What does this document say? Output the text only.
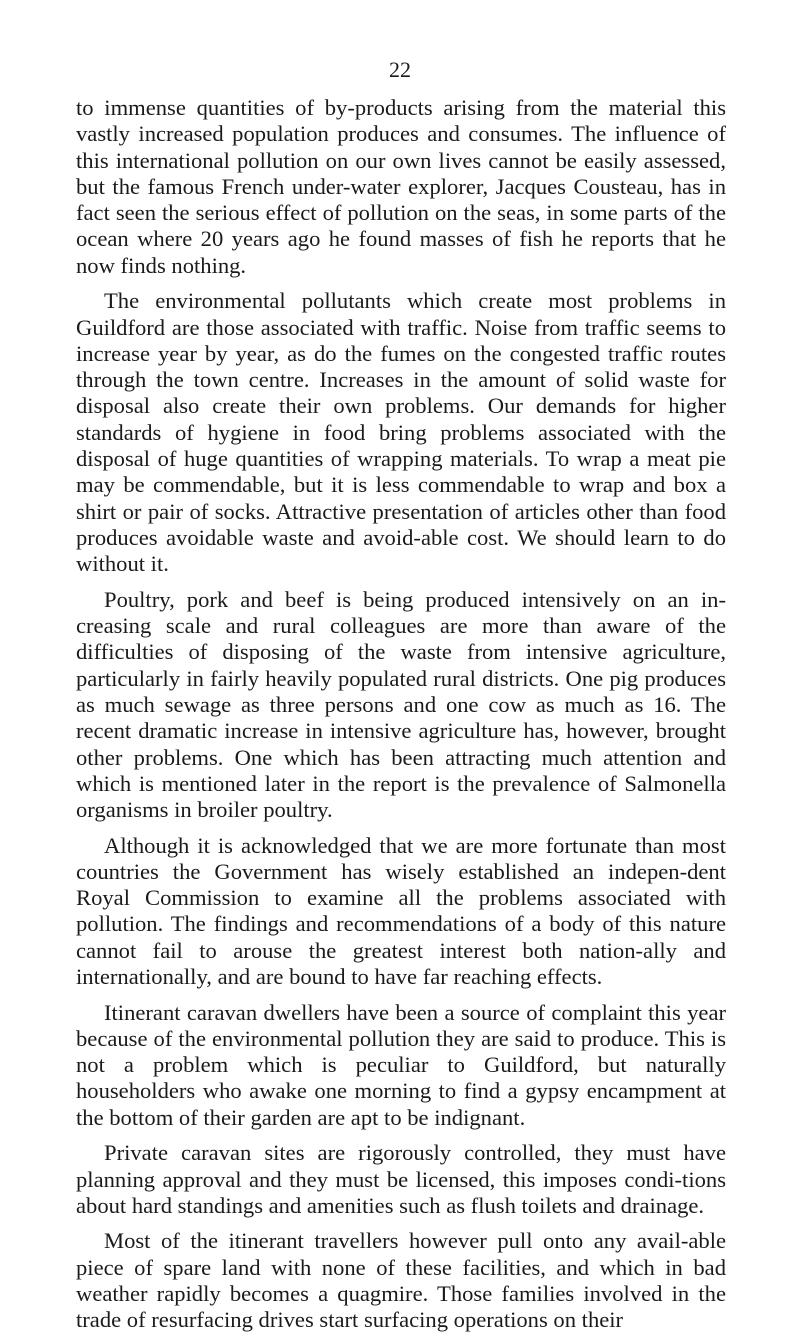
22

to immense quantities of by-products arising from the material this vastly increased population produces and consumes. The influence of this international pollution on our own lives cannot be easily assessed, but the famous French under-water explorer, Jacques Cousteau, has in fact seen the serious effect of pollution on the seas, in some parts of the ocean where 20 years ago he found masses of fish he reports that he now finds nothing.

The environmental pollutants which create most problems in Guildford are those associated with traffic. Noise from traffic seems to increase year by year, as do the fumes on the congested traffic routes through the town centre. Increases in the amount of solid waste for disposal also create their own problems. Our demands for higher standards of hygiene in food bring problems associated with the disposal of huge quantities of wrapping materials. To wrap a meat pie may be commendable, but it is less commendable to wrap and box a shirt or pair of socks. Attractive presentation of articles other than food produces avoidable waste and avoid-able cost. We should learn to do without it.

Poultry, pork and beef is being produced intensively on an in-creasing scale and rural colleagues are more than aware of the difficulties of disposing of the waste from intensive agriculture, particularly in fairly heavily populated rural districts. One pig produces as much sewage as three persons and one cow as much as 16. The recent dramatic increase in intensive agriculture has, however, brought other problems. One which has been attracting much attention and which is mentioned later in the report is the prevalence of Salmonella organisms in broiler poultry.

Although it is acknowledged that we are more fortunate than most countries the Government has wisely established an indepen-dent Royal Commission to examine all the problems associated with pollution. The findings and recommendations of a body of this nature cannot fail to arouse the greatest interest both nation-ally and internationally, and are bound to have far reaching effects.

Itinerant caravan dwellers have been a source of complaint this year because of the environmental pollution they are said to produce. This is not a problem which is peculiar to Guildford, but naturally householders who awake one morning to find a gypsy encampment at the bottom of their garden are apt to be indignant.

Private caravan sites are rigorously controlled, they must have planning approval and they must be licensed, this imposes condi-tions about hard standings and amenities such as flush toilets and drainage.

Most of the itinerant travellers however pull onto any avail-able piece of spare land with none of these facilities, and which in bad weather rapidly becomes a quagmire. Those families involved in the trade of resurfacing drives start surfacing operations on their
